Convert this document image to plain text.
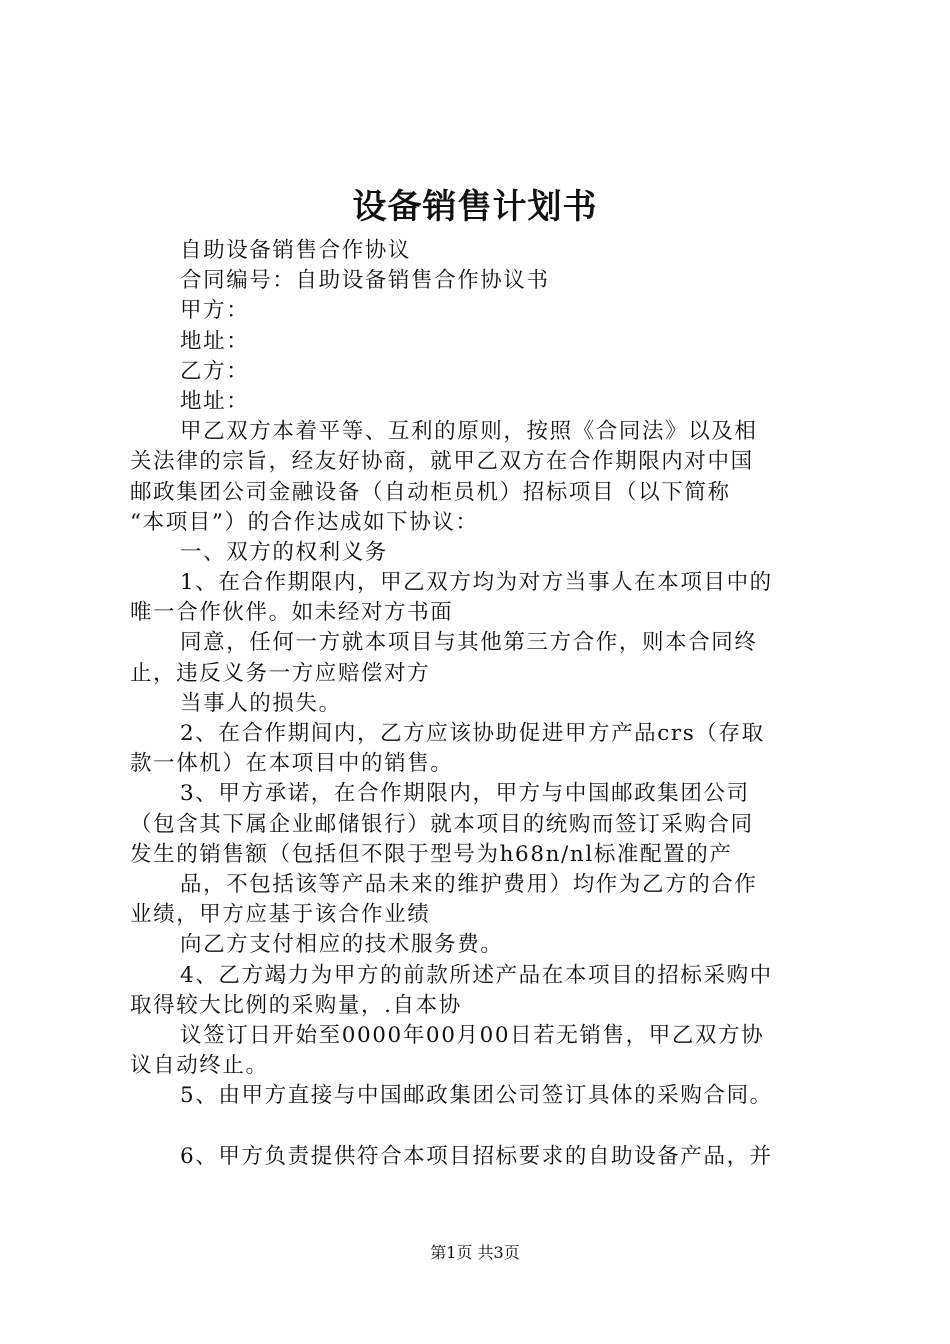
设备销售计划书
自助设备销售合作协议
合同编号：自助设备销售合作协议书
甲方：
地址：
乙方：
地址：
甲乙双方本着平等、互利的原则，按照《合同法》以及相
关法律的宗旨，经友好协商，就甲乙双方在合作期限内对中国
邮政集团公司金融设备（自动柜员机）招标项目（以下简称
“本项目”）的合作达成如下协议：
一、双方的权利义务
1、在合作期限内，甲乙双方均为对方当事人在本项目中的
唯一合作伙伴。如未经对方书面
同意，任何一方就本项目与其他第三方合作，则本合同终
止，违反义务一方应赔偿对方
当事人的损失。
2、在合作期间内，乙方应该协助促进甲方产品crs（存取
款一体机）在本项目中的销售。
3、甲方承诺，在合作期限内，甲方与中国邮政集团公司
（包含其下属企业邮储银行）就本项目的统购而签订采购合同
发生的销售额（包括但不限于型号为h68n/nl标准配置的产
品，不包括该等产品未来的维护费用）均作为乙方的合作
业绩，甲方应基于该合作业绩
向乙方支付相应的技术服务费。
4、乙方竭力为甲方的前款所述产品在本项目的招标采购中
取得较大比例的采购量，.自本协
议签订日开始至0000年00月00日若无销售，甲乙双方协
议自动终止。
5、由甲方直接与中国邮政集团公司签订具体的采购合同。
6、甲方负责提供符合本项目招标要求的自助设备产品，并
第1页 共3页
